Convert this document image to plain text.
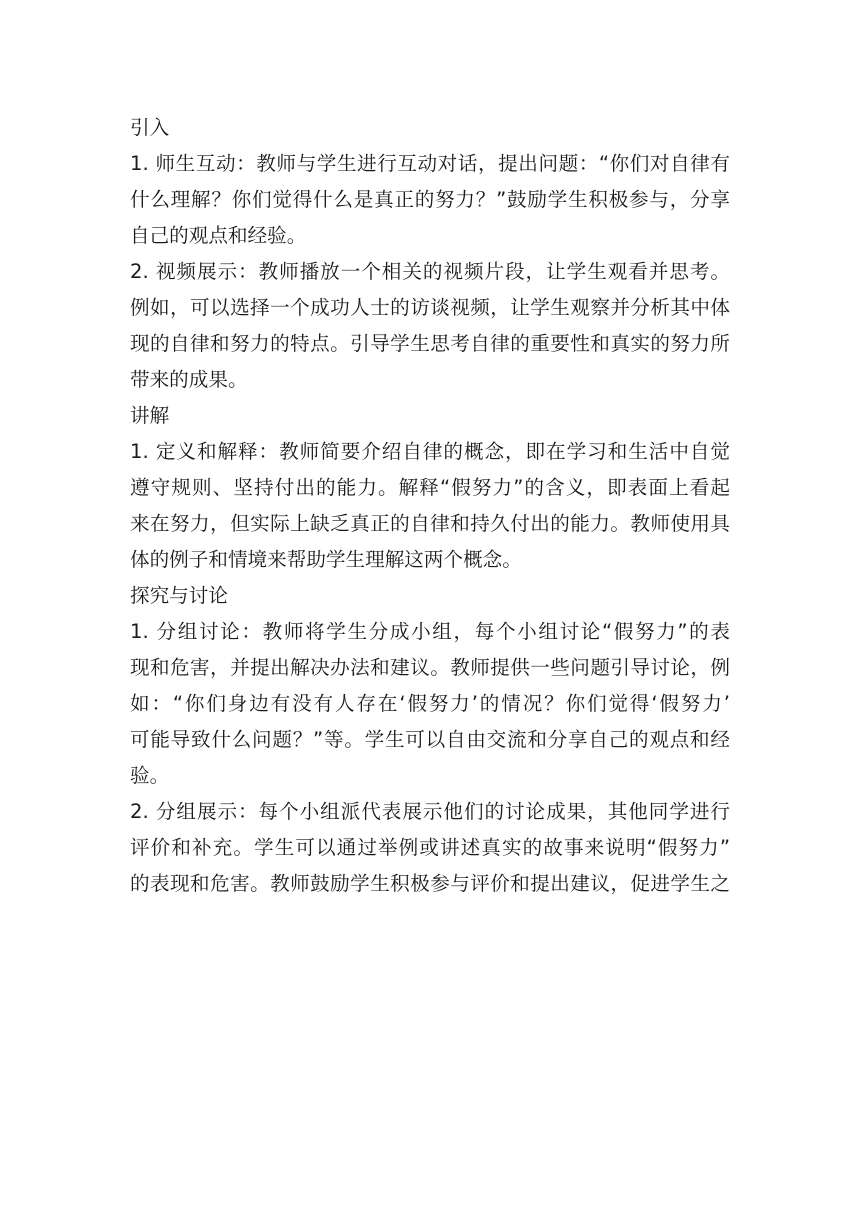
引入
1. 师生互动：教师与学生进行互动对话，提出问题：“你们对自律有
什么理解？你们觉得什么是真正的努力？”鼓励学生积极参与，分享
自己的观点和经验。
2. 视频展示：教师播放一个相关的视频片段，让学生观看并思考。
例如，可以选择一个成功人士的访谈视频，让学生观察并分析其中体
现的自律和努力的特点。引导学生思考自律的重要性和真实的努力所
带来的成果。
讲解
1. 定义和解释：教师简要介绍自律的概念，即在学习和生活中自觉
遵守规则、坚持付出的能力。解释“假努力”的含义，即表面上看起
来在努力，但实际上缺乏真正的自律和持久付出的能力。教师使用具
体的例子和情境来帮助学生理解这两个概念。
探究与讨论
1. 分组讨论：教师将学生分成小组，每个小组讨论“假努力”的表
现和危害，并提出解决办法和建议。教师提供一些问题引导讨论，例
如：“你们身边有没有人存在‘假努力’的情况？你们觉得‘假努力’
可能导致什么问题？”等。学生可以自由交流和分享自己的观点和经
验。
2. 分组展示：每个小组派代表展示他们的讨论成果，其他同学进行
评价和补充。学生可以通过举例或讲述真实的故事来说明“假努力”
的表现和危害。教师鼓励学生积极参与评价和提出建议，促进学生之
